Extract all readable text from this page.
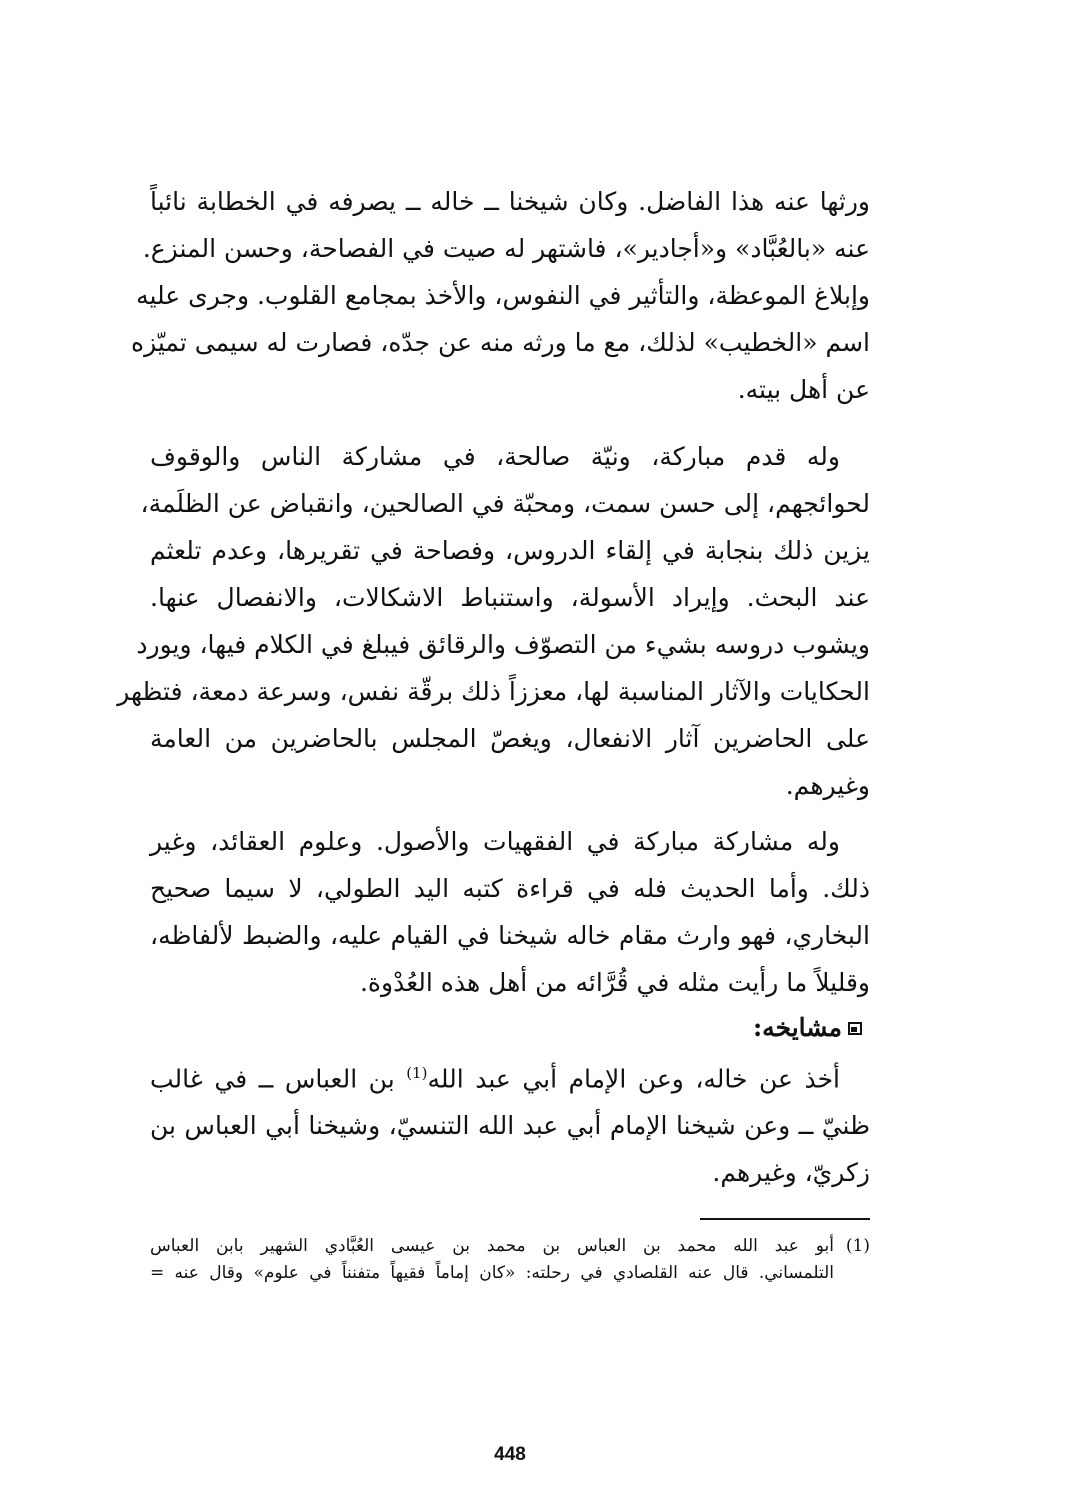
ورثها عنه هذا الفاضل. وكان شيخنا ــ خاله ــ يصرفه في الخطابة نائباً
عنه «بالعُبَّاد» و«أجادير»، فاشتهر له صيت في الفصاحة، وحسن المنزع.
وإبلاغ الموعظة، والتأثير في النفوس، والأخذ بمجامع القلوب. وجرى عليه
اسم «الخطيب» لذلك، مع ما ورثه منه عن جدّه، فصارت له سيمى تميّزه
عن أهل بيته.
وله قدم مباركة، ونيّة صالحة، في مشاركة الناس والوقوف
لحوائجهم، إلى حسن سمت، ومحبّة في الصالحين، وانقباض عن الظلَمة،
يزين ذلك بنجابة في إلقاء الدروس، وفصاحة في تقريرها، وعدم تلعثم
عند البحث. وإيراد الأسولة، واستنباط الاشكالات، والانفصال عنها.
ويشوب دروسه بشيء من التصوّف والرقائق فيبلغ في الكلام فيها، ويورد
الحكايات والآثار المناسبة لها، معززاً ذلك برقّة نفس، وسرعة دمعة، فتظهر
على الحاضرين آثار الانفعال، ويغصّ المجلس بالحاضرين من العامة
وغيرهم.
وله مشاركة مباركة في الفقهيات والأصول. وعلوم العقائد، وغير
ذلك. وأما الحديث فله في قراءة كتبه اليد الطولي، لا سيما صحيح
البخاري، فهو وارث مقام خاله شيخنا في القيام عليه، والضبط لألفاظه،
وقليلاً ما رأيت مثله في قُرَّائه من أهل هذه العُدْوة.
مشايخه:
أخذ عن خاله، وعن الإمام أبي عبد الله$^{(1)}$ بن العباس ــ في غالب
ظنيّ ــ وعن شيخنا الإمام أبي عبد الله التنسيّ، وشيخنا أبي العباس بن
زكريّ، وغيرهم.
(1)
أبو عبد الله محمد بن العباس بن محمد بن عيسى العُبَّادي الشهير بابن العباس
التلمساني. قال عنه القلصادي في رحلته: «كان إماماً فقيهاً متفنناً في علوم» وقال عنه =
448
